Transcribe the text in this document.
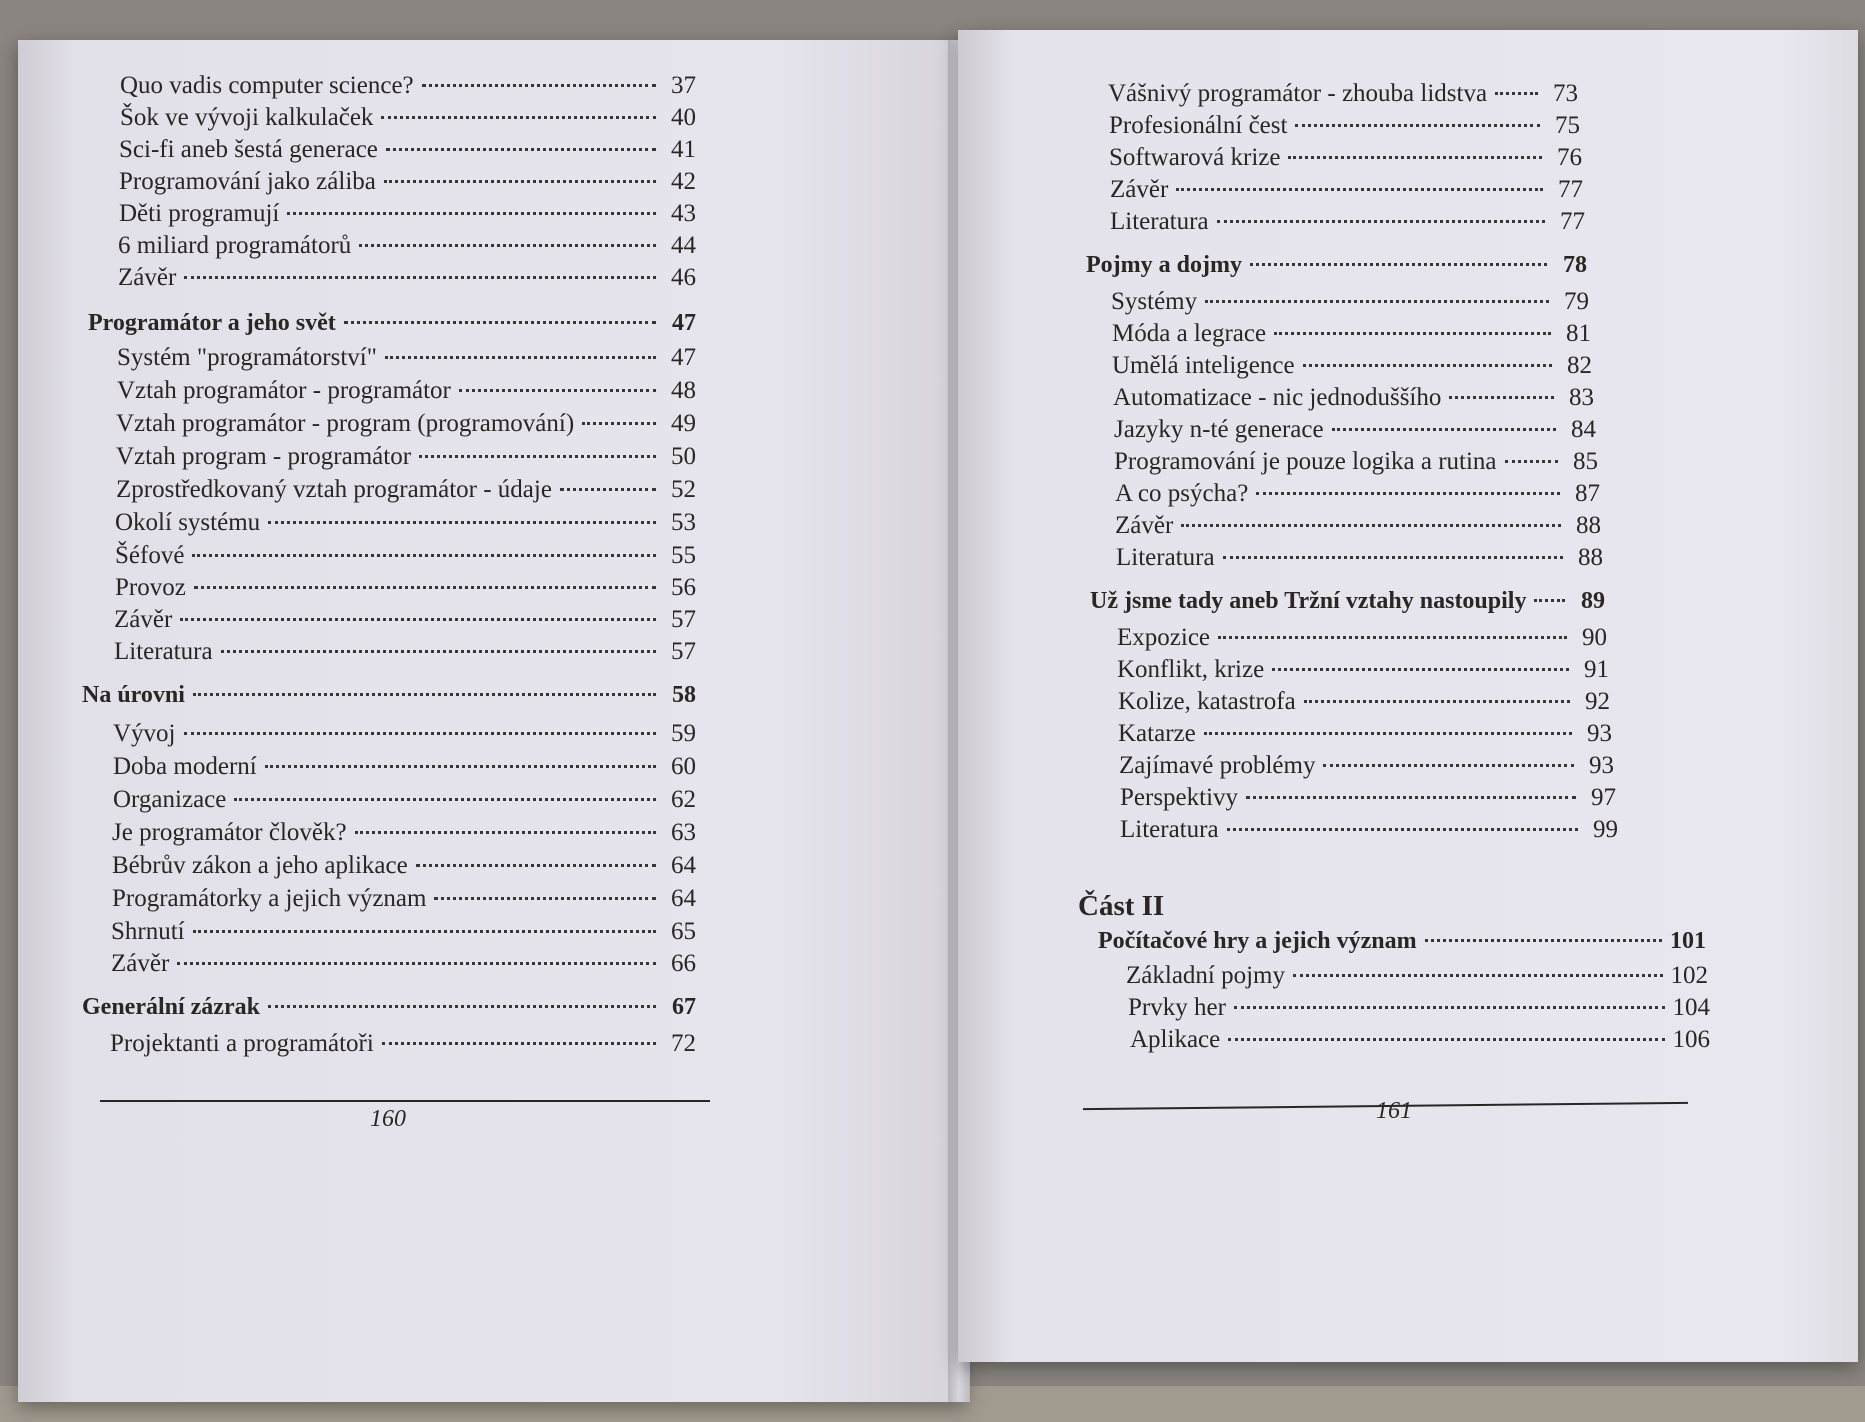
Quo vadis computer science?	37
Šok ve vývoji kalkulaček	40
Sci-fi aneb šestá generace	41
Programování jako záliba	42
Děti programují	43
6 miliard programátorů	44
Závěr	46
Programátor a jeho svět	47
Systém "programátorství"	47
Vztah programátor - programátor	48
Vztah programátor - program (programování)	49
Vztah program - programátor	50
Zprostředkovaný vztah programátor - údaje	52
Okolí systému	53
Šéfové	55
Provoz	56
Závěr	57
Literatura	57
Na úrovni	58
Vývoj	59
Doba moderní	60
Organizace	62
Je programátor člověk?	63
Bébrův zákon a jeho aplikace	64
Programátorky a jejich význam	64
Shrnutí	65
Závěr	66
Generální zázrak	67
Projektanti a programátoři	72
160
Vášnivý programátor - zhouba lidstva	73
Profesionální čest	75
Softwarová krize	76
Závěr	77
Literatura	77
Pojmy a dojmy	78
Systémy	79
Móda a legrace	81
Umělá inteligence	82
Automatizace - nic jednoduššího	83
Jazyky n-té generace	84
Programování je pouze logika a rutina	85
A co psýcha?	87
Závěr	88
Literatura	88
Už jsme tady aneb Tržní vztahy nastoupily	89
Expozice	90
Konflikt, krize	91
Kolize, katastrofa	92
Katarze	93
Zajímavé problémy	93
Perspektivy	97
Literatura	99
Část II
Počítačové hry a jejich význam	101
Základní pojmy	102
Prvky her	104
Aplikace	106
161
